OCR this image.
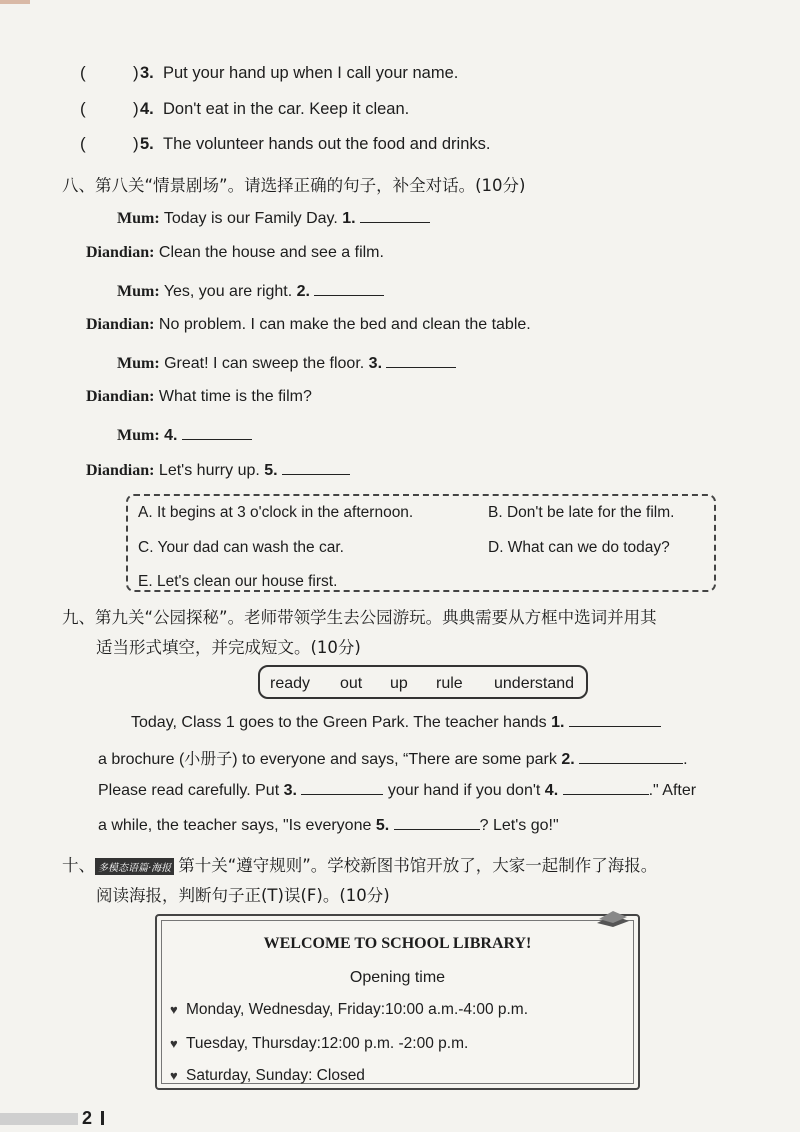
(	) 3. Put your hand up when I call your name.
(	) 4. Don't eat in the car. Keep it clean.
(	) 5. The volunteer hands out the food and drinks.
八、第八关“情景剧场”。请选择正确的句子，补全对话。(10分)
Mum: Today is our Family Day. 1.
Diandian: Clean the house and see a film.
Mum: Yes, you are right. 2.
Diandian: No problem. I can make the bed and clean the table.
Mum: Great! I can sweep the floor. 3.
Diandian: What time is the film?
Mum: 4.
Diandian: Let's hurry up. 5.
A. It begins at 3 o'clock in the afternoon.	B. Don't be late for the film.
C. Your dad can wash the car.	D. What can we do today?
E. Let's clean our house first.
九、第九关“公园探秘”。老师带领学生去公园游玩。典典需要从方框中选词并用其
适当形式填空，并完成短文。(10分)
ready out up rule understand
Today, Class 1 goes to the Green Park. The teacher hands 1.
a brochure (小册子) to everyone and says, “There are some park 2.	.
Please read carefully. Put 3.	your hand if you don't 4.	." After
a while, the teacher says, "Is everyone 5.	? Let's go!"
十、 多模态语篇·海报 第十关“遵守规则”。学校新图书馆开放了，大家一起制作了海报。
阅读海报，判断句子正(T)误(F)。(10分)
WELCOME TO SCHOOL LIBRARY!
Opening time
♥ Monday, Wednesday, Friday:10:00 a.m.-4:00 p.m.
♥ Tuesday, Thursday:12:00 p.m. -2:00 p.m.
♥ Saturday, Sunday: Closed
2
